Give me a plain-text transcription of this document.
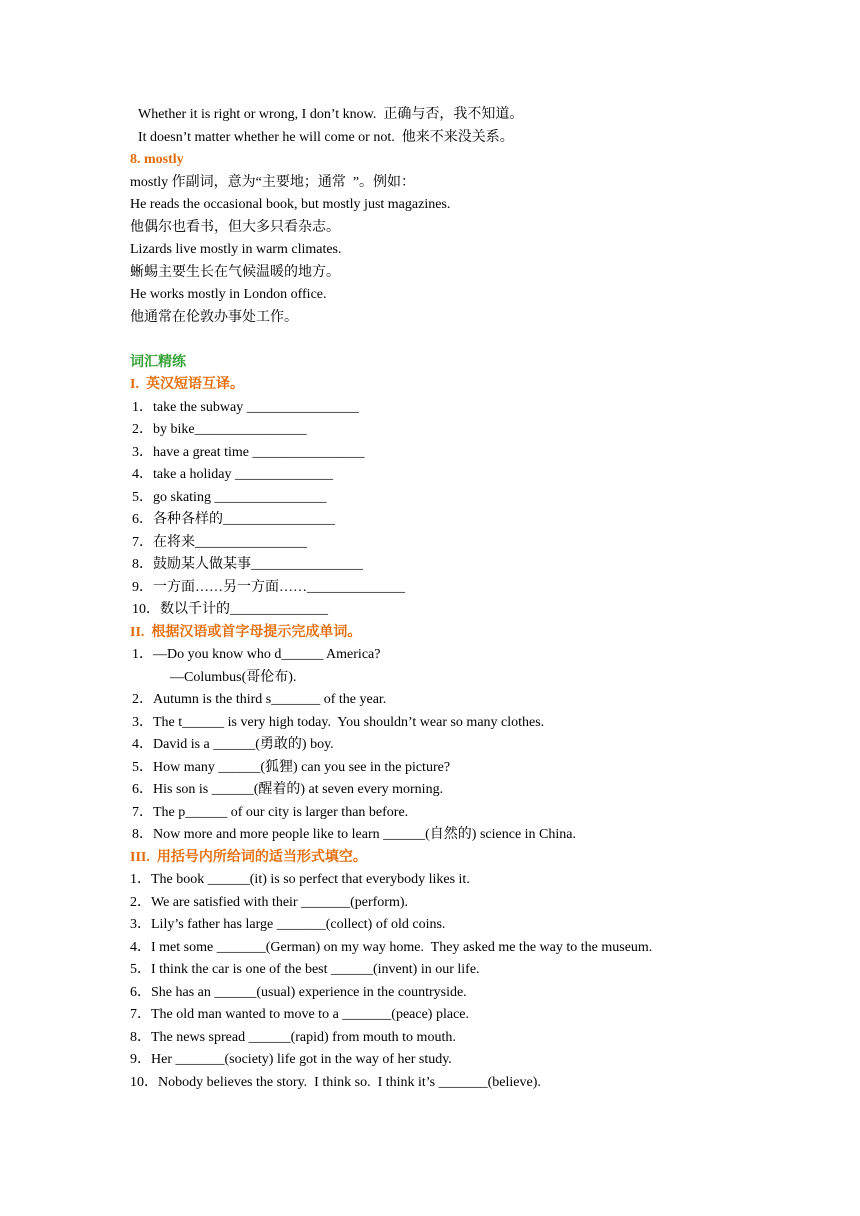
Whether it is right or wrong, I don’t know.  正确与否，我不知道。
It doesn’t matter whether he will come or not.  他来不来没关系。
8. mostly
mostly 作副词，意为“主要地；通常  ”。例如：
He reads the occasional book, but mostly just magazines.
他偶尔也看书，但大多只看杂志。
Lizards live mostly in warm climates.
蜥蜴主要生长在气候温暖的地方。
He works mostly in London office.
他通常在伦敦办事处工作。
词汇精练
I.  英汉短语互译。
1．take the subway ________________
2．by bike________________
3．have a great time ________________
4．take a holiday ______________
5．go skating ________________
6．各种各样的________________
7．在将来________________
8．鼓励某人做某事________________
9．一方面……另一方面……______________
10．数以千计的______________
II.  根据汉语或首字母提示完成单词。
1．—Do you know who d______ America?
—Columbus(哥伦布).
2．Autumn is the third s_______ of the year.
3．The t______ is very high today.  You shouldn’t wear so many clothes.
4．David is a ______(勇敢的) boy.
5．How many ______(狐狸) can you see in the picture?
6．His son is ______(醒着的) at seven every morning.
7．The p______ of our city is larger than before.
8．Now more and more people like to learn ______(自然的) science in China.
III.  用括号内所给词的适当形式填空。
1．The book ______(it) is so perfect that everybody likes it.
2．We are satisfied with their _______(perform).
3．Lily’s father has large _______(collect) of old coins.
4．I met some _______(German) on my way home.  They asked me the way to the museum.
5．I think the car is one of the best ______(invent) in our life.
6．She has an ______(usual) experience in the countryside.
7．The old man wanted to move to a _______(peace) place.
8．The news spread ______(rapid) from mouth to mouth.
9．Her _______(society) life got in the way of her study.
10．Nobody believes the story.  I think so.  I think it’s _______(believe).
